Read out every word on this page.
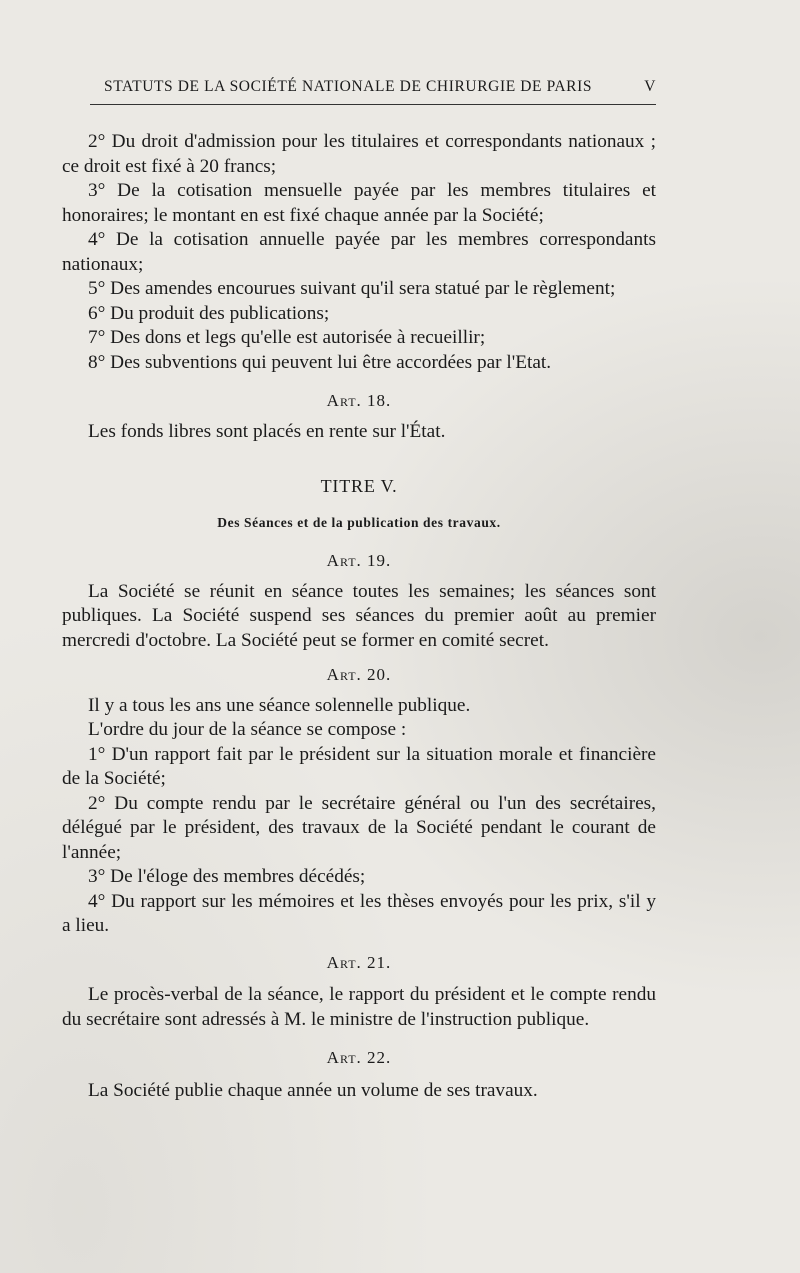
STATUTS DE LA SOCIÉTÉ NATIONALE DE CHIRURGIE DE PARIS	V

2° Du droit d'admission pour les titulaires et correspondants nationaux ; ce droit est fixé à 20 francs;

3° De la cotisation mensuelle payée par les membres titulaires et honoraires; le montant en est fixé chaque année par la Société;

4° De la cotisation annuelle payée par les membres correspondants nationaux;

5° Des amendes encourues suivant qu'il sera statué par le règlement;

6° Du produit des publications;

7° Des dons et legs qu'elle est autorisée à recueillir;

8° Des subventions qui peuvent lui être accordées par l'Etat.

Art. 18.

Les fonds libres sont placés en rente sur l'État.

TITRE V.

Des Séances et de la publication des travaux.

Art. 19.

La Société se réunit en séance toutes les semaines; les séances sont publiques. La Société suspend ses séances du premier août au premier mercredi d'octobre. La Société peut se former en comité secret.

Art. 20.

Il y a tous les ans une séance solennelle publique.

L'ordre du jour de la séance se compose :

1° D'un rapport fait par le président sur la situation morale et financière de la Société;

2° Du compte rendu par le secrétaire général ou l'un des secrétaires, délégué par le président, des travaux de la Société pendant le courant de l'année;

3° De l'éloge des membres décédés;

4° Du rapport sur les mémoires et les thèses envoyés pour les prix, s'il y a lieu.

Art. 21.

Le procès-verbal de la séance, le rapport du président et le compte rendu du secrétaire sont adressés à M. le ministre de l'instruction publique.

Art. 22.

La Société publie chaque année un volume de ses travaux.
